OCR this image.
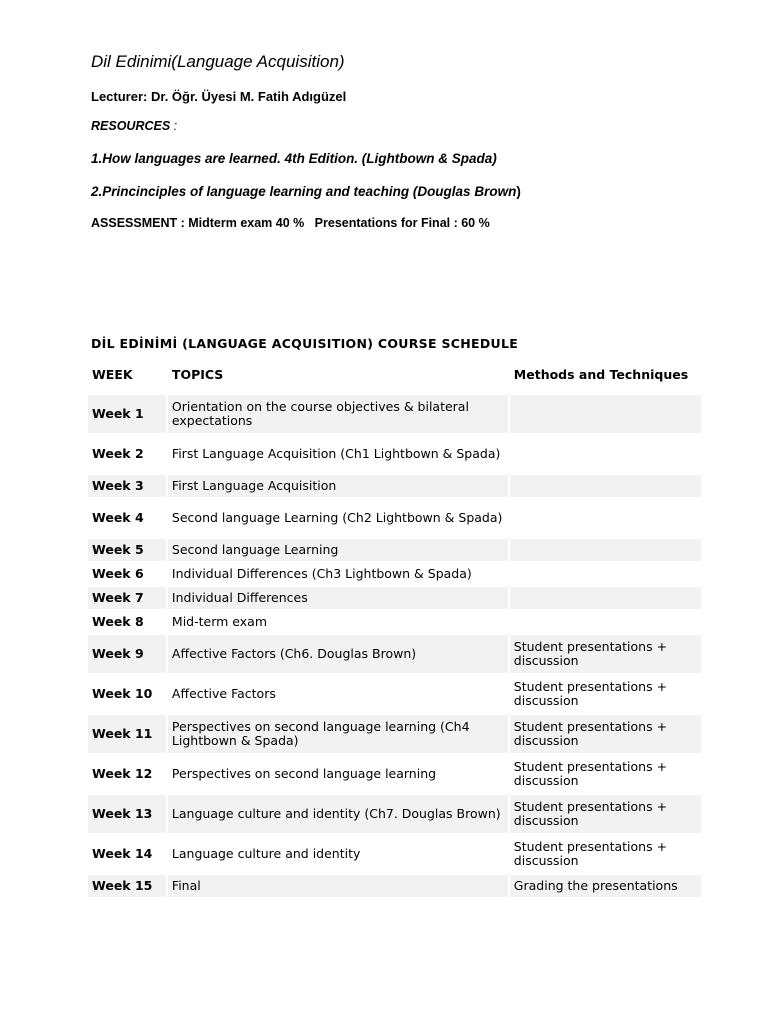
Dil Edinimi(Language Acquisition)
Lecturer: Dr. Öğr. Üyesi M. Fatih Adıgüzel
RESOURCES :
1.How languages are learned. 4th Edition. (Lightbown & Spada)
2.Princinciples of language learning and teaching (Douglas Brown)
ASSESSMENT : Midterm exam 40 %   Presentations for Final : 60 %
DİL EDİNİMİ (LANGUAGE ACQUISITION) COURSE SCHEDULE
WEEK	TOPICS	Methods and Techniques
Week 1	Orientation on the course objectives & bilateral expectations	
Week 2	First Language Acquisition (Ch1 Lightbown & Spada)	
Week 3	First Language Acquisition	
Week 4	Second language Learning (Ch2 Lightbown & Spada)	
Week 5	Second language Learning	
Week 6	Individual Differences (Ch3 Lightbown & Spada)	
Week 7	Individual Differences	
Week 8	Mid-term exam	
Week 9	Affective Factors (Ch6. Douglas Brown)	Student presentations + discussion
Week 10	Affective Factors	Student presentations + discussion
Week 11	Perspectives on second language learning (Ch4 Lightbown & Spada)	Student presentations + discussion
Week 12	Perspectives on second language learning	Student presentations + discussion
Week 13	Language culture and identity (Ch7. Douglas Brown)	Student presentations + discussion
Week 14	Language culture and identity	Student presentations + discussion
Week 15	Final	Grading the presentations
